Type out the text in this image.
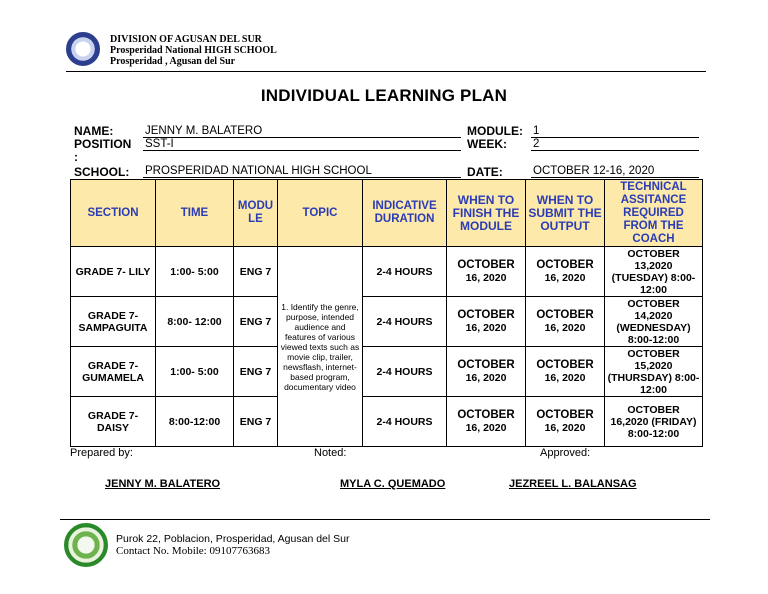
DIVISION OF AGUSAN DEL SUR
Prosperidad National HIGH SCHOOL
Prosperidad , Agusan del Sur
INDIVIDUAL LEARNING PLAN
NAME:	JENNY M. BALATERO
POSITION
:
SST-I
SCHOOL: PROSPERIDAD NATIONAL HIGH SCHOOL
MODULE: 1
WEEK: 2
DATE:	OCTOBER 12-16, 2020
SECTION	TIME	MODU LE	TOPIC	INDICATIVE DURATION	WHEN TO FINISH THE MODULE	WHEN TO SUBMIT THE OUTPUT	TECHNICAL ASSITANCE REQUIRED FROM THE COACH
GRADE 7- LILY	1:00- 5:00	ENG 7	1. Identify the genre, purpose, intended audience and features of various viewed texts such as movie clip, trailer, newsflash, internet-based program, documentary video	2-4 HOURS	OCTOBER
16, 2020	OCTOBER
16, 2020	OCTOBER 13,2020 (TUESDAY) 8:00-12:00
GRADE 7- SAMPAGUITA	8:00- 12:00	ENG 7		2-4 HOURS	OCTOBER
16, 2020	OCTOBER
16, 2020	OCTOBER 14,2020 (WEDNESDAY) 8:00-12:00
GRADE 7- GUMAMELA	1:00- 5:00	ENG 7		2-4 HOURS	OCTOBER
16, 2020	OCTOBER
16, 2020	OCTOBER 15,2020 (THURSDAY) 8:00-12:00
GRADE 7- DAISY	8:00-12:00	ENG 7		2-4 HOURS	OCTOBER
16, 2020	OCTOBER
16, 2020	OCTOBER 16,2020 (FRIDAY) 8:00-12:00
Prepared by:	Noted:	Approved:
JENNY M. BALATERO	MYLA C. QUEMADO	JEZREEL L. BALANSAG
Purok 22, Poblacion, Prosperidad, Agusan del Sur
Contact No. Mobile: 09107763683
